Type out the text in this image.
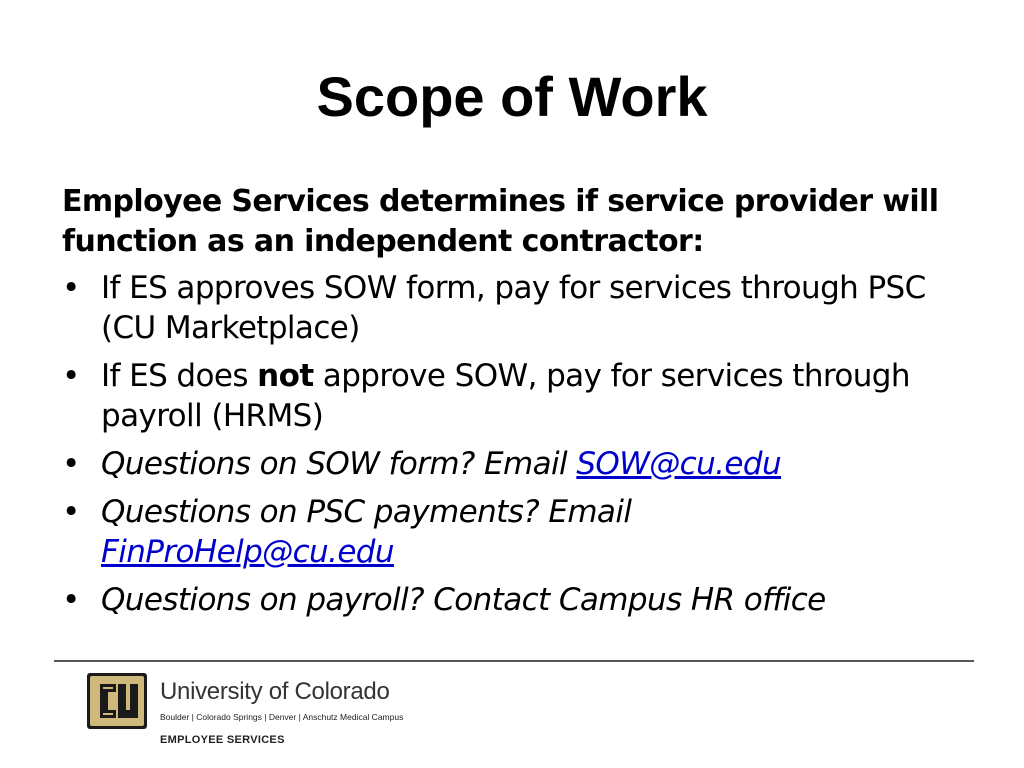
Scope of Work

Employee Services determines if service provider will function as an independent contractor:

• If ES approves SOW form, pay for services through PSC (CU Marketplace)
• If ES does not approve SOW, pay for services through payroll (HRMS)
• Questions on SOW form? Email SOW@cu.edu
• Questions on PSC payments? Email
FinProHelp@cu.edu
• Questions on payroll? Contact Campus HR office
University of Colorado
Boulder | Colorado Springs | Denver | Anschutz Medical Campus
EMPLOYEE SERVICES
